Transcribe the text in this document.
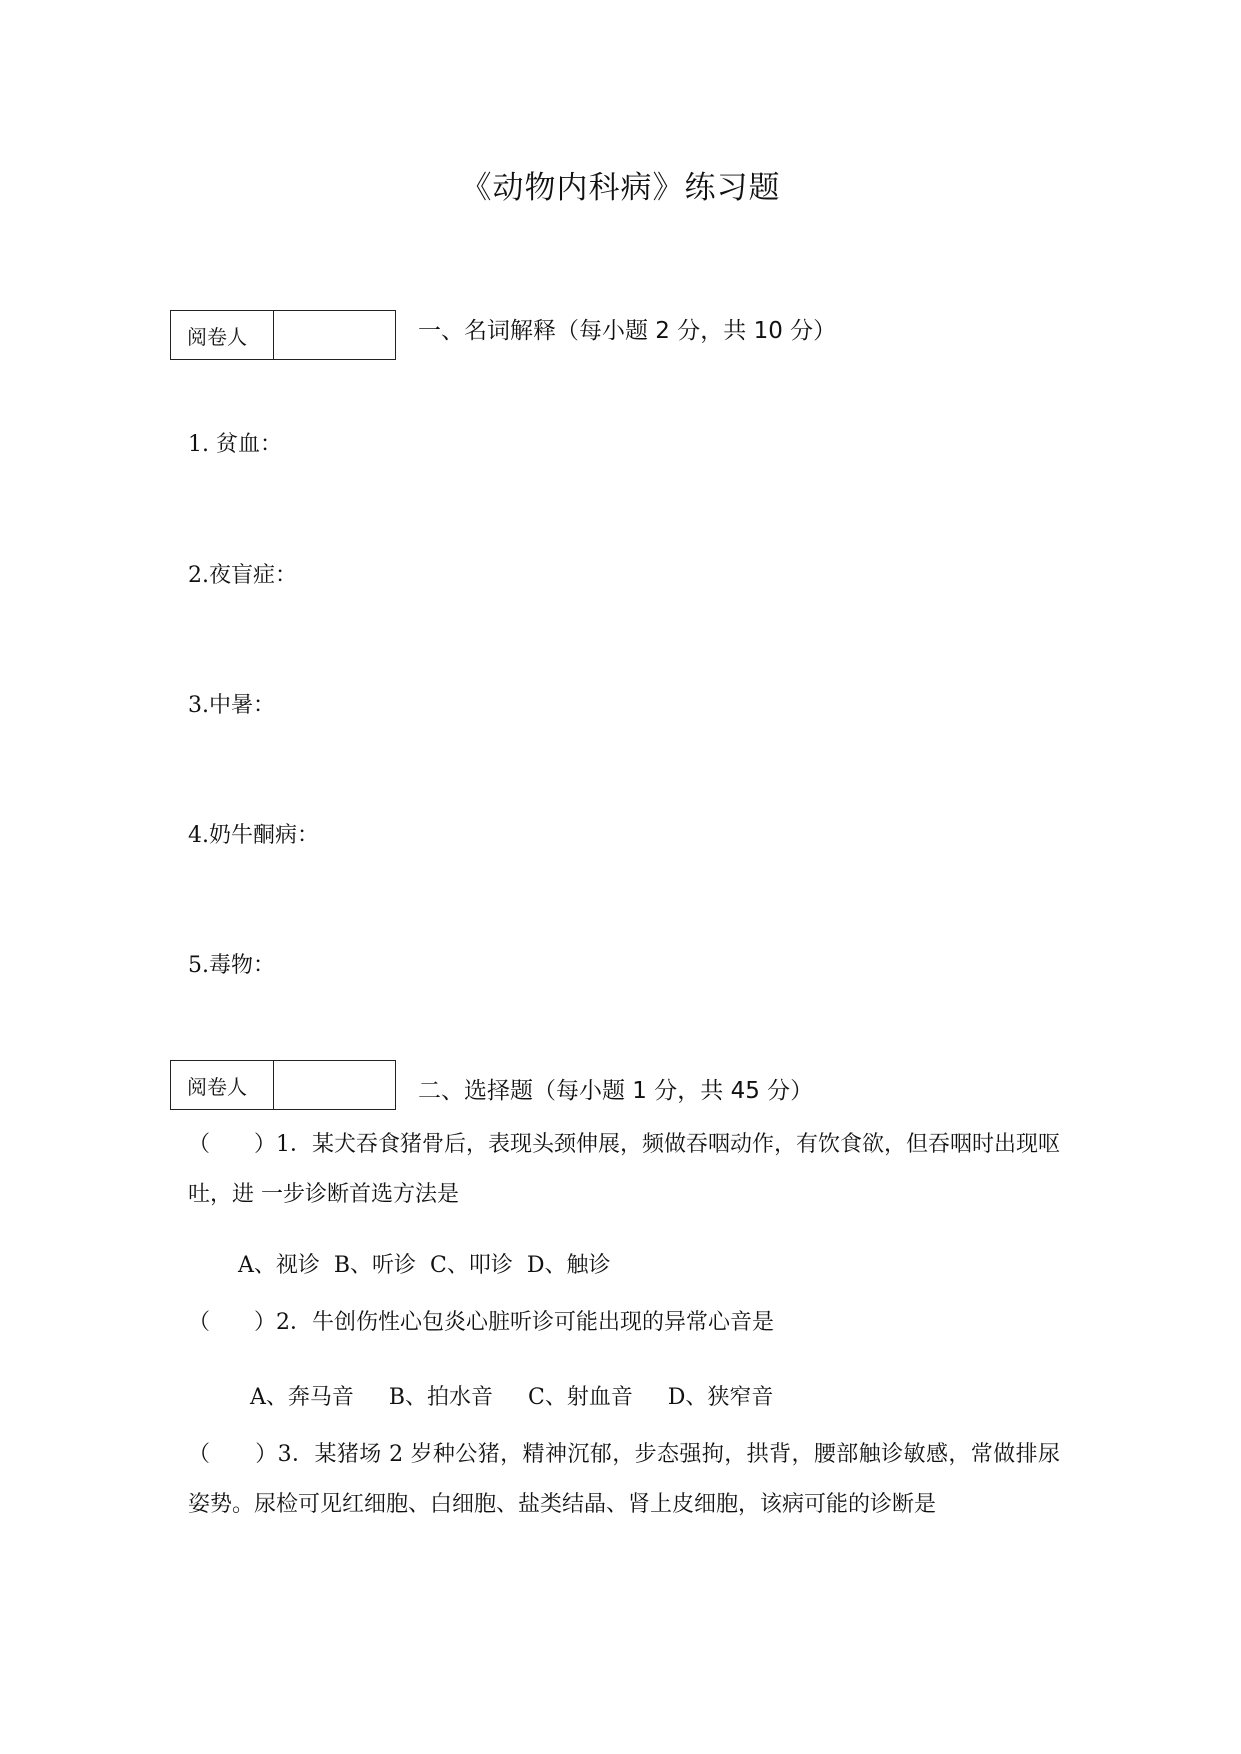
《动物内科病》练习题
阅卷人	一、名词解释（每小题 2 分，共 10 分）
1. 贫血：
2.夜盲症：
3.中暑：
4.奶牛酮病：
5.毒物：
阅卷人	二、选择题（每小题 1 分，共 45 分）
（　　）1．某犬吞食猪骨后，表现头颈伸展，频做吞咽动作，有饮食欲，但吞咽时出现呕吐，进 一步诊断首选方法是
A、视诊  B、听诊  C、叩诊  D、触诊
（　　）2．牛创伤性心包炎心脏听诊可能出现的异常心音是
A、奔马音     B、拍水音     C、射血音     D、狭窄音
（　　）3．某猪场 2 岁种公猪，精神沉郁，步态强拘，拱背，腰部触诊敏感，常做排尿姿势。尿检可见红细胞、白细胞、盐类结晶、肾上皮细胞，该病可能的诊断是
